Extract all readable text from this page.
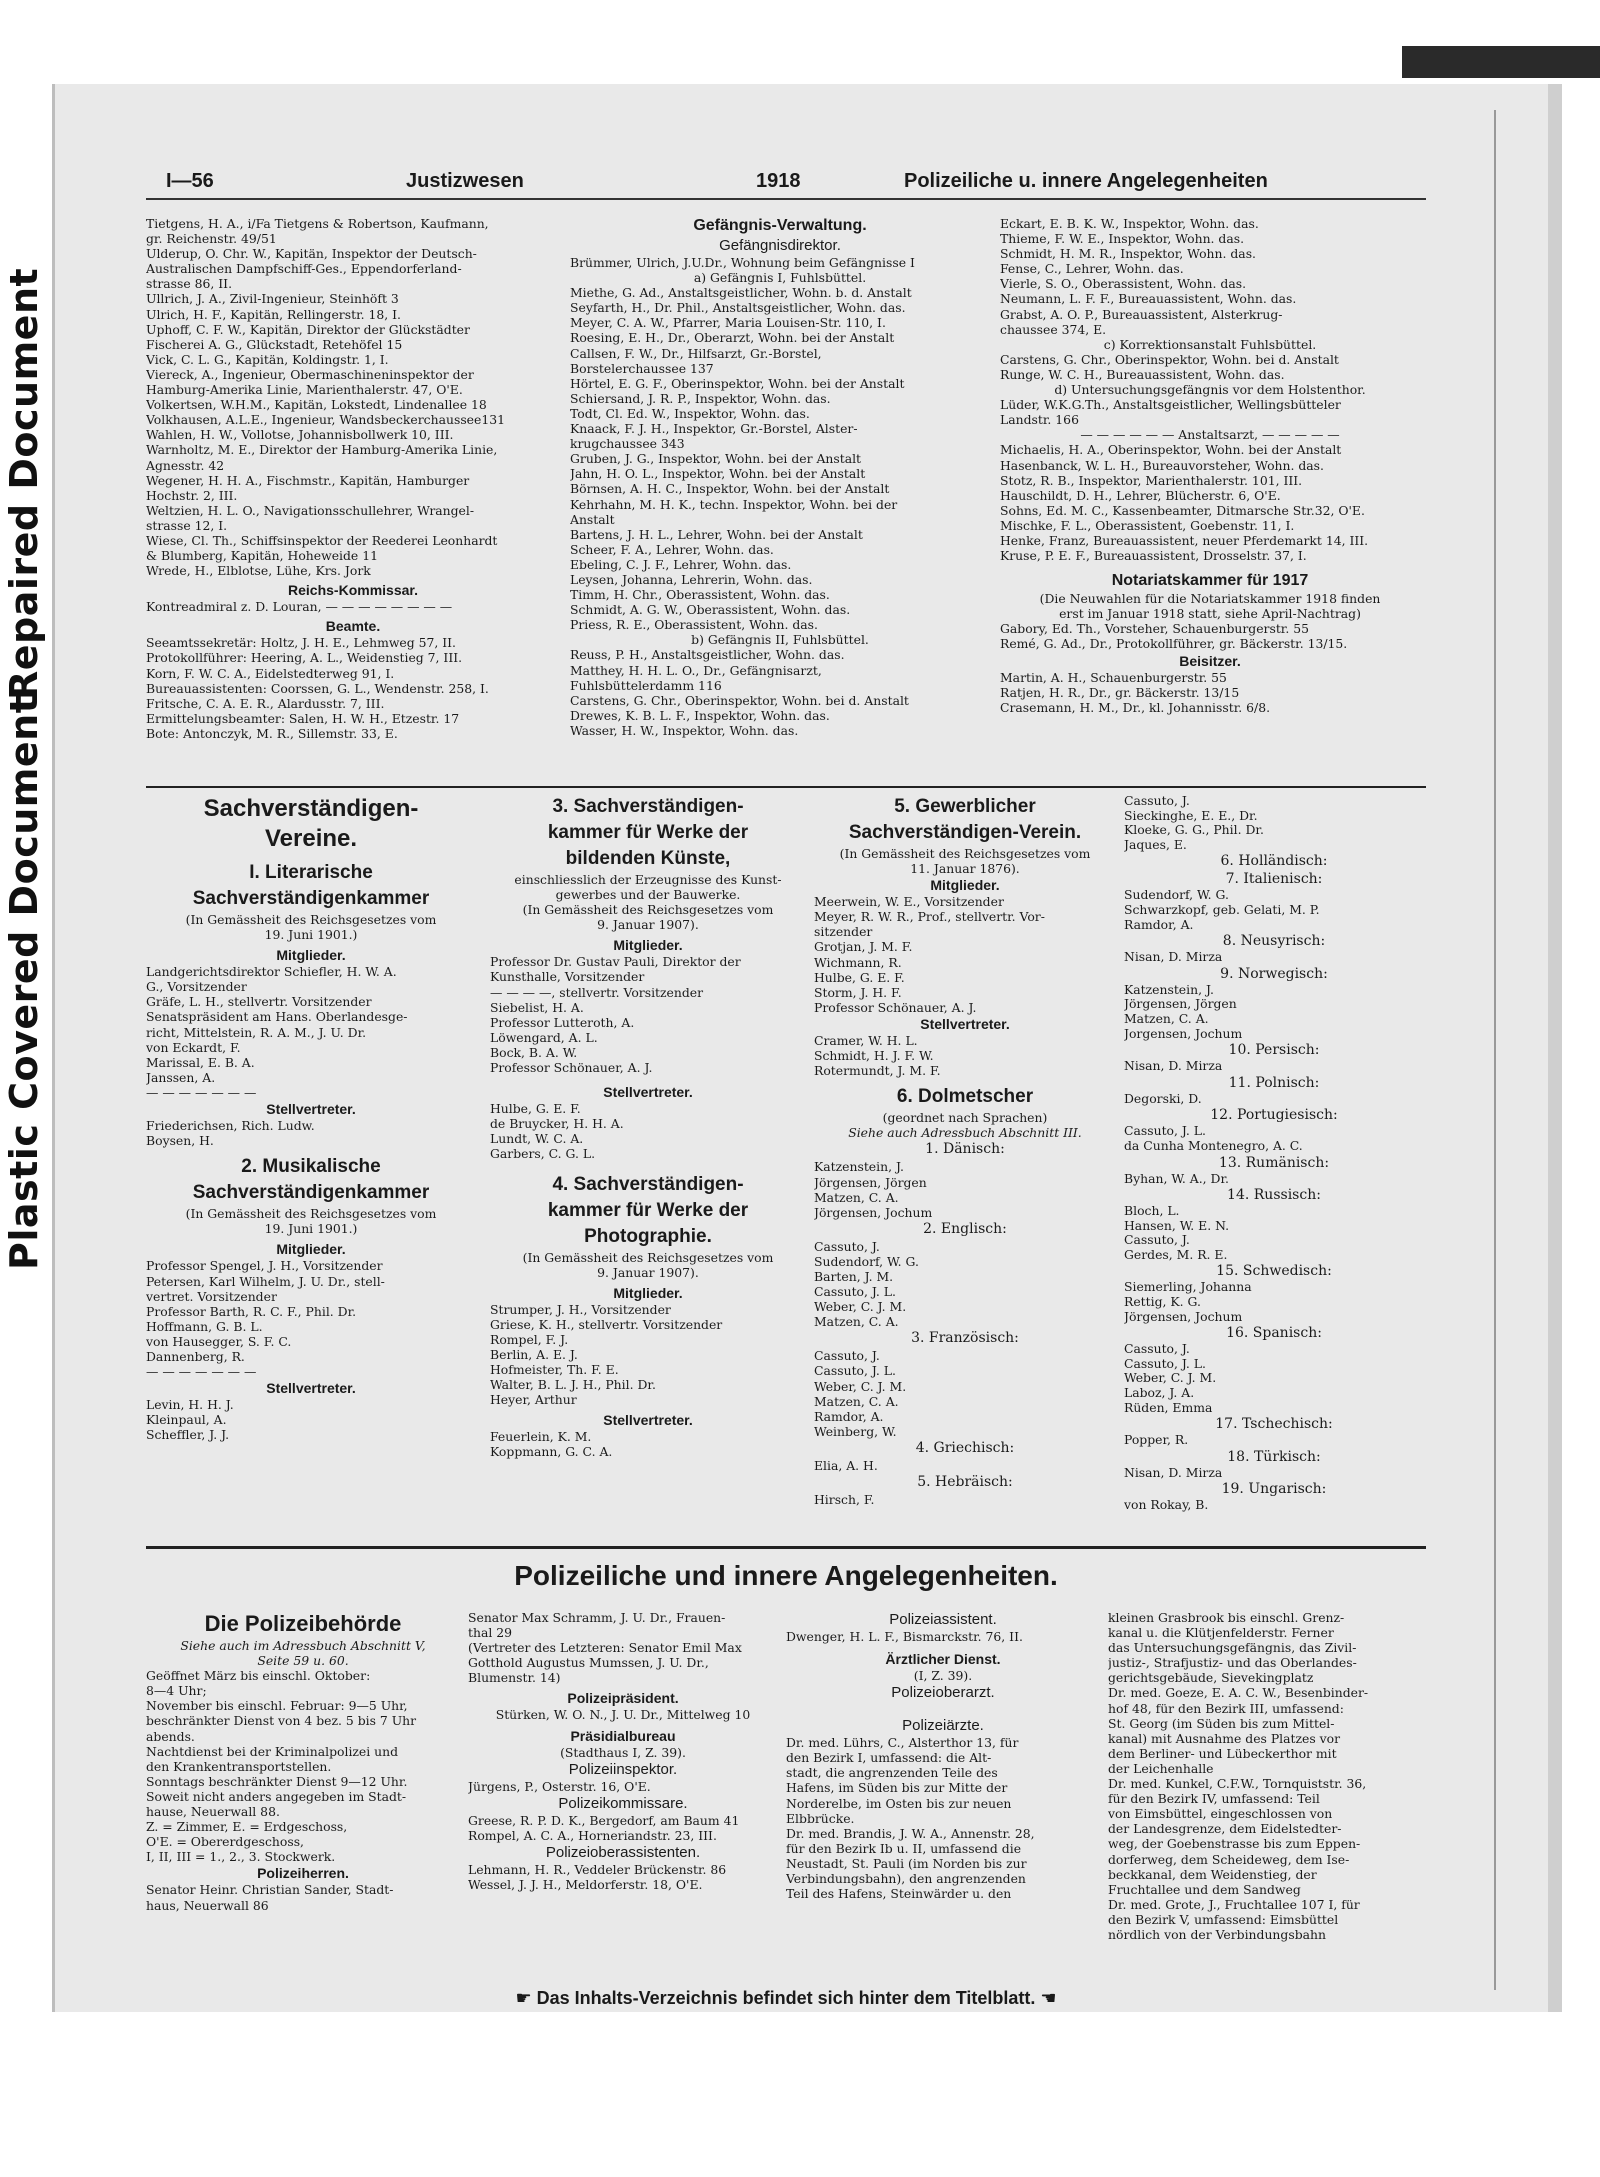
Repaired Document
Plastic Covered Document
I—56	Justizwesen	1918	Polizeiliche u. innere Angelegenheiten

Tietgens, H. A., i/Fa Tietgens & Robertson, Kaufmann,

gr. Reichenstr. 49/51

Ulderup, O. Chr. W., Kapitän, Inspektor der Deutsch-

Australischen Dampfschiff-Ges., Eppendorferland-

strasse 86, II.

Ullrich, J. A., Zivil-Ingenieur, Steinhöft 3

Ulrich, H. F., Kapitän, Rellingerstr. 18, I.

Uphoff, C. F. W., Kapitän, Direktor der Glückstädter

Fischerei A. G., Glückstadt, Retehöfel 15

Vick, C. L. G., Kapitän, Koldingstr. 1, I.

Viereck, A., Ingenieur, Obermaschineninspektor der

Hamburg-Amerika Linie, Marienthalerstr. 47, O'E.

Volkertsen, W.H.M., Kapitän, Lokstedt, Lindenallee 18

Volkhausen, A.L.E., Ingenieur, Wandsbeckerchaussee131

Wahlen, H. W., Vollotse, Johannisbollwerk 10, III.

Warnholtz, M. E., Direktor der Hamburg-Amerika Linie,

Agnesstr. 42

Wegener, H. H. A., Fischmstr., Kapitän, Hamburger

Hochstr. 2, III.

Weltzien, H. L. O., Navigationsschullehrer, Wrangel-

strasse 12, I.

Wiese, Cl. Th., Schiffsinspektor der Reederei Leonhardt

& Blumberg, Kapitän, Hoheweide 11

Wrede, H., Elblotse, Lühe, Krs. Jork

Reichs-Kommissar.

Kontreadmiral z. D. Louran, — — — — — — — —

Beamte.

Seeamtssekretär: Holtz, J. H. E., Lehmweg 57, II.

Protokollführer: Heering, A. L., Weidenstieg 7, III.

Korn, F. W. C. A., Eidelstedterweg 91, I.

Bureauassistenten: Coorssen, G. L., Wendenstr. 258, I.

Fritsche, C. A. E. R., Alardusstr. 7, III.

Ermittelungsbeamter: Salen, H. W. H., Etzestr. 17

Bote: Antonczyk, M. R., Sillemstr. 33, E.

Gefängnis-Verwaltung.

Gefängnisdirektor.

Brümmer, Ulrich, J.U.Dr., Wohnung beim Gefängnisse I

a) Gefängnis I, Fuhlsbüttel.

Miethe, G. Ad., Anstaltsgeistlicher, Wohn. b. d. Anstalt

Seyfarth, H., Dr. Phil., Anstaltsgeistlicher, Wohn. das.

Meyer, C. A. W., Pfarrer, Maria Louisen-Str. 110, I.

Roesing, E. H., Dr., Oberarzt, Wohn. bei der Anstalt

Callsen, F. W., Dr., Hilfsarzt, Gr.-Borstel,

Borstelerchaussee 137

Hörtel, E. G. F., Oberinspektor, Wohn. bei der Anstalt

Schiersand, J. R. P., Inspektor, Wohn. das.

Todt, Cl. Ed. W., Inspektor, Wohn. das.

Knaack, F. J. H., Inspektor, Gr.-Borstel, Alster-

krugchaussee 343

Gruben, J. G., Inspektor, Wohn. bei der Anstalt

Jahn, H. O. L., Inspektor, Wohn. bei der Anstalt

Börnsen, A. H. C., Inspektor, Wohn. bei der Anstalt

Kehrhahn, M. H. K., techn. Inspektor, Wohn. bei der

Anstalt

Bartens, J. H. L., Lehrer, Wohn. bei der Anstalt

Scheer, F. A., Lehrer, Wohn. das.

Ebeling, C. J. F., Lehrer, Wohn. das.

Leysen, Johanna, Lehrerin, Wohn. das.

Timm, H. Chr., Oberassistent, Wohn. das.

Schmidt, A. G. W., Oberassistent, Wohn. das.

Priess, R. E., Oberassistent, Wohn. das.

b) Gefängnis II, Fuhlsbüttel.

Reuss, P. H., Anstaltsgeistlicher, Wohn. das.

Matthey, H. H. L. O., Dr., Gefängnisarzt,

Fuhlsbüttelerdamm 116

Carstens, G. Chr., Oberinspektor, Wohn. bei d. Anstalt

Drewes, K. B. L. F., Inspektor, Wohn. das.

Wasser, H. W., Inspektor, Wohn. das.

Eckart, E. B. K. W., Inspektor, Wohn. das.

Thieme, F. W. E., Inspektor, Wohn. das.

Schmidt, H. M. R., Inspektor, Wohn. das.

Fense, C., Lehrer, Wohn. das.

Vierle, S. O., Oberassistent, Wohn. das.

Neumann, L. F. F., Bureauassistent, Wohn. das.

Grabst, A. O. P., Bureauassistent, Alsterkrug-

chaussee 374, E.

c) Korrektionsanstalt Fuhlsbüttel.

Carstens, G. Chr., Oberinspektor, Wohn. bei d. Anstalt

Runge, W. C. H., Bureauassistent, Wohn. das.

d) Untersuchungsgefängnis vor dem Holstenthor.

Lüder, W.K.G.Th., Anstaltsgeistlicher, Wellingsbütteler

Landstr. 166

— — — — — — Anstaltsarzt, — — — — —

Michaelis, H. A., Oberinspektor, Wohn. bei der Anstalt

Hasenbanck, W. L. H., Bureauvorsteher, Wohn. das.

Stotz, R. B., Inspektor, Marienthalerstr. 101, III.

Hauschildt, D. H., Lehrer, Blücherstr. 6, O'E.

Sohns, Ed. M. C., Kassenbeamter, Ditmarsche Str.32, O'E.

Mischke, F. L., Oberassistent, Goebenstr. 11, I.

Henke, Franz, Bureauassistent, neuer Pferdemarkt 14, III.

Kruse, P. E. F., Bureauassistent, Drosselstr. 37, I.

Notariatskammer für 1917

(Die Neuwahlen für die Notariatskammer 1918 finden

erst im Januar 1918 statt, siehe April-Nachtrag)

Gabory, Ed. Th., Vorsteher, Schauenburgerstr. 55

Remé, G. Ad., Dr., Protokollführer, gr. Bäckerstr. 13/15.

Beisitzer.

Martin, A. H., Schauenburgerstr. 55

Ratjen, H. R., Dr., gr. Bäckerstr. 13/15

Crasemann, H. M., Dr., kl. Johannisstr. 6/8.

Sachverständigen-

Vereine.

I. Literarische

Sachverständigenkammer

(In Gemässheit des Reichsgesetzes vom

19. Juni 1901.)

Mitglieder.

Landgerichtsdirektor Schiefler, H. W. A.

G., Vorsitzender

Gräfe, L. H., stellvertr. Vorsitzender

Senatspräsident am Hans. Oberlandesge-

richt, Mittelstein, R. A. M., J. U. Dr.

von Eckardt, F.

Marissal, E. B. A.

Janssen, A.

— — — — — — —

Stellvertreter.

Friederichsen, Rich. Ludw.

Boysen, H.

2. Musikalische

Sachverständigenkammer

(In Gemässheit des Reichsgesetzes vom

19. Juni 1901.)

Mitglieder.

Professor Spengel, J. H., Vorsitzender

Petersen, Karl Wilhelm, J. U. Dr., stell-

vertret. Vorsitzender

Professor Barth, R. C. F., Phil. Dr.

Hoffmann, G. B. L.

von Hausegger, S. F. C.

Dannenberg, R.

— — — — — — —

Stellvertreter.

Levin, H. H. J.

Kleinpaul, A.

Scheffler, J. J.

3. Sachverständigen-

kammer für Werke der

bildenden Künste,

einschliesslich der Erzeugnisse des Kunst-

gewerbes und der Bauwerke.

(In Gemässheit des Reichsgesetzes vom

9. Januar 1907).

Mitglieder.

Professor Dr. Gustav Pauli, Direktor der

Kunsthalle, Vorsitzender

— — — —, stellvertr. Vorsitzender

Siebelist, H. A.

Professor Lutteroth, A.

Löwengard, A. L.

Bock, B. A. W.

Professor Schönauer, A. J.

Stellvertreter.

Hulbe, G. E. F.

de Bruycker, H. H. A.

Lundt, W. C. A.

Garbers, C. G. L.

4. Sachverständigen-

kammer für Werke der

Photographie.

(In Gemässheit des Reichsgesetzes vom

9. Januar 1907).

Mitglieder.

Strumper, J. H., Vorsitzender

Griese, K. H., stellvertr. Vorsitzender

Rompel, F. J.

Berlin, A. E. J.

Hofmeister, Th. F. E.

Walter, B. L. J. H., Phil. Dr.

Heyer, Arthur

Stellvertreter.

Feuerlein, K. M.

Koppmann, G. C. A.

5. Gewerblicher

Sachverständigen-Verein.

(In Gemässheit des Reichsgesetzes vom

11. Januar 1876).

Mitglieder.

Meerwein, W. E., Vorsitzender

Meyer, R. W. R., Prof., stellvertr. Vor-

sitzender

Grotjan, J. M. F.

Wichmann, R.

Hulbe, G. E. F.

Storm, J. H. F.

Professor Schönauer, A. J.

Stellvertreter.

Cramer, W. H. L.

Schmidt, H. J. F. W.

Rotermundt, J. M. F.

6. Dolmetscher

(geordnet nach Sprachen)

Siehe auch Adressbuch Abschnitt III.

1. Dänisch:

Katzenstein, J.

Jörgensen, Jörgen

Matzen, C. A.

Jörgensen, Jochum

2. Englisch:

Cassuto, J.

Sudendorf, W. G.

Barten, J. M.

Cassuto, J. L.

Weber, C. J. M.

Matzen, C. A.

3. Französisch:

Cassuto, J.

Cassuto, J. L.

Weber, C. J. M.

Matzen, C. A.

Ramdor, A.

Weinberg, W.

4. Griechisch:

Elia, A. H.

5. Hebräisch:

Hirsch, F.

Cassuto, J.

Sieckinghe, E. E., Dr.

Kloeke, G. G., Phil. Dr.

Jaques, E.

6. Holländisch:

7. Italienisch:

Sudendorf, W. G.

Schwarzkopf, geb. Gelati, M. P.

Ramdor, A.

8. Neusyrisch:

Nisan, D. Mirza

9. Norwegisch:

Katzenstein, J.

Jörgensen, Jörgen

Matzen, C. A.

Jorgensen, Jochum

10. Persisch:

Nisan, D. Mirza

11. Polnisch:

Degorski, D.

12. Portugiesisch:

Cassuto, J. L.

da Cunha Montenegro, A. C.

13. Rumänisch:

Byhan, W. A., Dr.

14. Russisch:

Bloch, L.

Hansen, W. E. N.

Cassuto, J.

Gerdes, M. R. E.

15. Schwedisch:

Siemerling, Johanna

Rettig, K. G.

Jörgensen, Jochum

16. Spanisch:

Cassuto, J.

Cassuto, J. L.

Weber, C. J. M.

Laboz, J. A.

Rüden, Emma

17. Tschechisch:

Popper, R.

18. Türkisch:

Nisan, D. Mirza

19. Ungarisch:

von Rokay, B.

Polizeiliche und innere Angelegenheiten.

Die Polizeibehörde

Siehe auch im Adressbuch Abschnitt V,

Seite 59 u. 60.

Geöffnet März bis einschl. Oktober:

8—4 Uhr;

November bis einschl. Februar: 9—5 Uhr,

beschränkter Dienst von 4 bez. 5 bis 7 Uhr

abends.

Nachtdienst bei der Kriminalpolizei und

den Krankentransportstellen.

Sonntags beschränkter Dienst 9—12 Uhr.

Soweit nicht anders angegeben im Stadt-

hause, Neuerwall 88.

Z. = Zimmer, E. = Erdgeschoss,

O'E. = Obererdgeschoss,

I, II, III = 1., 2., 3. Stockwerk.

Polizeiherren.

Senator Heinr. Christian Sander, Stadt-

haus, Neuerwall 86

Senator Max Schramm, J. U. Dr., Frauen-

thal 29

(Vertreter des Letzteren: Senator Emil Max

Gotthold Augustus Mumssen, J. U. Dr.,

Blumenstr. 14)

Polizeipräsident.

Stürken, W. O. N., J. U. Dr., Mittelweg 10

Präsidialbureau

(Stadthaus I, Z. 39).

Polizeiinspektor.

Jürgens, P., Osterstr. 16, O'E.

Polizeikommissare.

Greese, R. P. D. K., Bergedorf, am Baum 41

Rompel, A. C. A., Horneriandstr. 23, III.

Polizeioberassistenten.

Lehmann, H. R., Veddeler Brückenstr. 86

Wessel, J. J. H., Meldorferstr. 18, O'E.

Polizeiassistent.

Dwenger, H. L. F., Bismarckstr. 76, II.

Ärztlicher Dienst.

(I, Z. 39).

Polizeioberarzt.

Polizeiärzte.

Dr. med. Lührs, C., Alsterthor 13, für

den Bezirk I, umfassend: die Alt-

stadt, die angrenzenden Teile des

Hafens, im Süden bis zur Mitte der

Norderelbe, im Osten bis zur neuen

Elbbrücke.

Dr. med. Brandis, J. W. A., Annenstr. 28,

für den Bezirk Ib u. II, umfassend die

Neustadt, St. Pauli (im Norden bis zur

Verbindungsbahn), den angrenzenden

Teil des Hafens, Steinwärder u. den

kleinen Grasbrook bis einschl. Grenz-

kanal u. die Klütjenfelderstr. Ferner

das Untersuchungsgefängnis, das Zivil-

justiz-, Strafjustiz- und das Oberlandes-

gerichtsgebäude, Sievekingplatz

Dr. med. Goeze, E. A. C. W., Besenbinder-

hof 48, für den Bezirk III, umfassend:

St. Georg (im Süden bis zum Mittel-

kanal) mit Ausnahme des Platzes vor

dem Berliner- und Lübeckerthor mit

der Leichenhalle

Dr. med. Kunkel, C.F.W., Tornquiststr. 36,

für den Bezirk IV, umfassend: Teil

von Eimsbüttel, eingeschlossen von

der Landesgrenze, dem Eidelstedter-

weg, der Goebenstrasse bis zum Eppen-

dorferweg, dem Scheideweg, dem Ise-

beckkanal, dem Weidenstieg, der

Fruchtallee und dem Sandweg

Dr. med. Grote, J., Fruchtallee 107 I, für

den Bezirk V, umfassend: Eimsbüttel

nördlich von der Verbindungsbahn

☛ Das Inhalts-Verzeichnis befindet sich hinter dem Titelblatt. ☚
